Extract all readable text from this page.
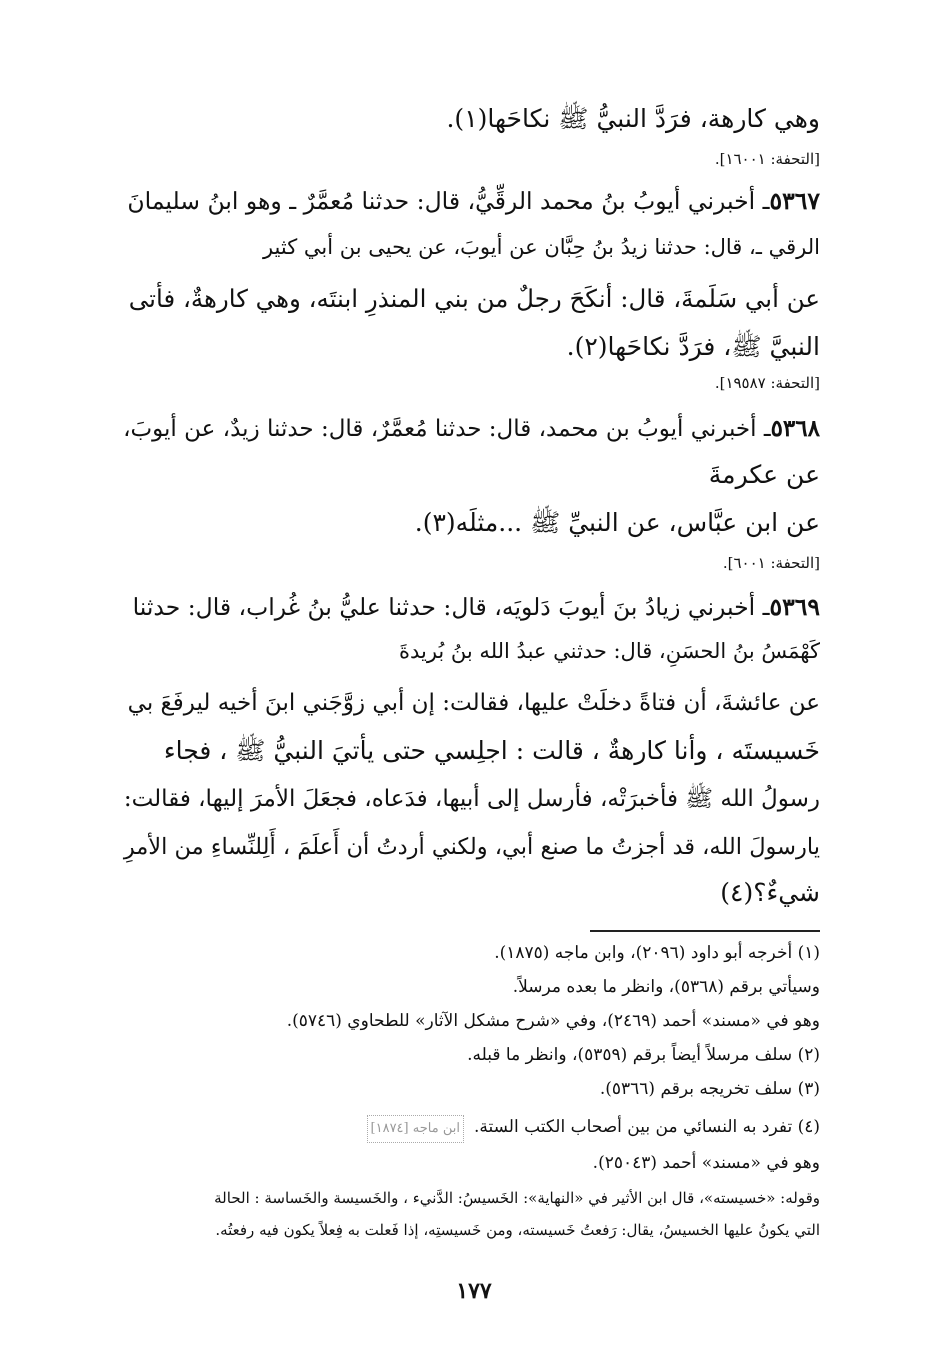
وهي كارهة، فرَدَّ النبيُّ ﷺ نكاحَها(١).
[التحفة: ١٦٠٠١].
٥٣٦٧ـ أخبرني أيوبُ بنُ محمد الرقِّيُّ، قال: حدثنا مُعمَّرٌ ـ وهو ابنُ سليمانَ
الرقي ـ، قال: حدثنا زيدُ بنُ حِبَّان عن أيوبَ، عن يحيى بن أبي كثير
عن أبي سَلَمةَ، قال: أنكَحَ رجلٌ من بني المنذرِ ابنتَه، وهي كارهةٌ، فأتى
النبيَّ ﷺ، فرَدَّ نكاحَها(٢).
[التحفة: ١٩٥٨٧].
٥٣٦٨ـ أخبرني أيوبُ بن محمد، قال: حدثنا مُعمَّرٌ، قال: حدثنا زيدٌ، عن أيوبَ،
عن عكرمةَ
عن ابن عبَّاس، عن النبيِّ ﷺ ...مثلَه(٣).
[التحفة: ٦٠٠١].
٥٣٦٩ـ أخبرني زيادُ بنَ أيوبَ دَلويَه، قال: حدثنا عليُّ بنُ غُراب، قال: حدثنا
كَهْمَسُ بنُ الحسَنِ، قال: حدثني عبدُ الله بنُ بُريدةَ
عن عائشةَ، أن فتاةً دخلَتْ عليها، فقالت: إن أبي زوَّجَني ابنَ أخيه ليرفَعَ بي
خَسيستَه ، وأنا كارهةٌ ، قالت : اجلِسي حتى يأتيَ النبيُّ ﷺ ، فجاء
رسولُ الله ﷺ فأخبرَتْه، فأرسل إلى أبيها، فدَعاه، فجعَلَ الأمرَ إليها، فقالت:
يارسولَ الله، قد أجزتُ ما صنع أبي، ولكني أردتُ أن أَعلَمَ ، أَلِلنِّساءِ من الأمرِ
شيءٌ؟(٤)
(١) أخرجه أبو داود (٢٠٩٦)، وابن ماجه (١٨٧٥).
وسيأتي برقم (٥٣٦٨)، وانظر ما بعده مرسلاً.
وهو في «مسند» أحمد (٢٤٦٩)، وفي «شرح مشكل الآثار» للطحاوي (٥٧٤٦).
(٢) سلف مرسلاً أيضاً برقم (٥٣٥٩)، وانظر ما قبله.
(٣) سلف تخريجه برقم (٥٣٦٦).
(٤) تفرد به النسائي من بين أصحاب الكتب الستة.ابن ماجه [١٨٧٤]
وهو في «مسند» أحمد (٢٥٠٤٣).
وقوله: «خسيسته»، قال ابن الأثير في «النهاية»: الخَسيسُ: الدَّنيء ، والخَسيسة والخَساسة : الحالة
التي يكونُ عليها الخسيسُ، يقال: رَفعتُ خَسيسته، ومن خَسيستِه، إذا فَعلت به فِعلاً يكون فيه رفعتُه.
١٧٧
